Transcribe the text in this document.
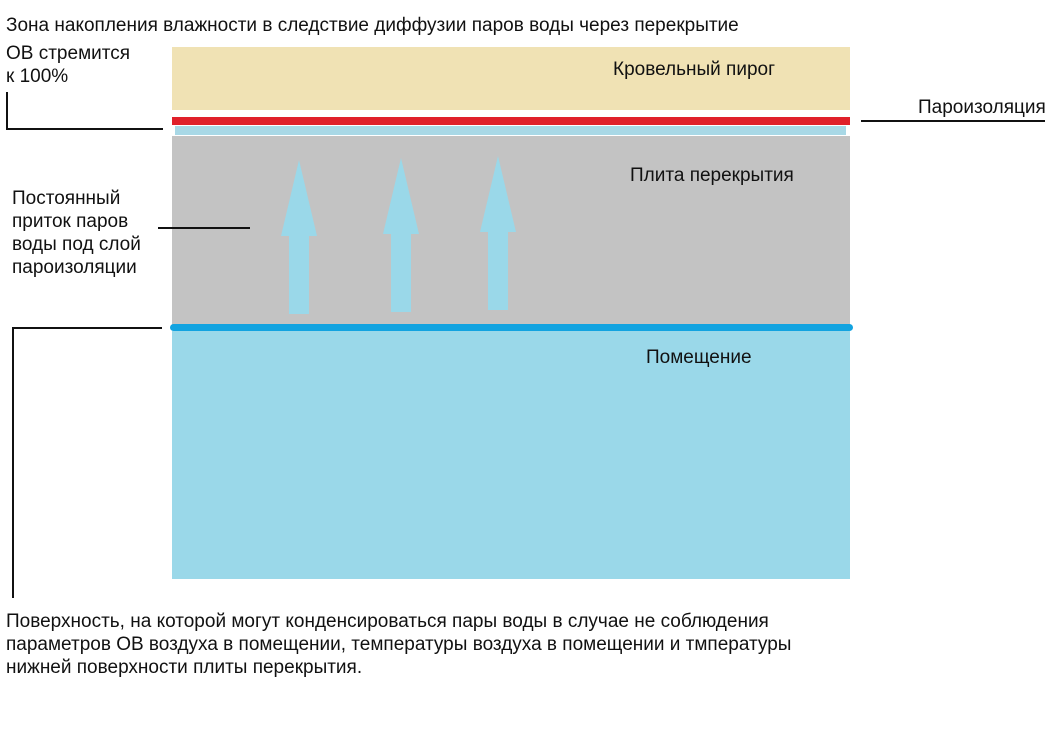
Зона накопления влажности в следствие диффузии паров воды через перекрытие
ОВ стремится
к 100%	Кровельный пирог
Пароизоляция
Плита перекрытия
Постоянный
приток паров
воды под слой
пароизоляции
Помещение
Поверхность, на которой могут конденсироваться пары воды в случае не соблюдения
параметров ОВ воздуха в помещении, температуры воздуха в помещении и тмпературы
нижней поверхности плиты перекрытия.
